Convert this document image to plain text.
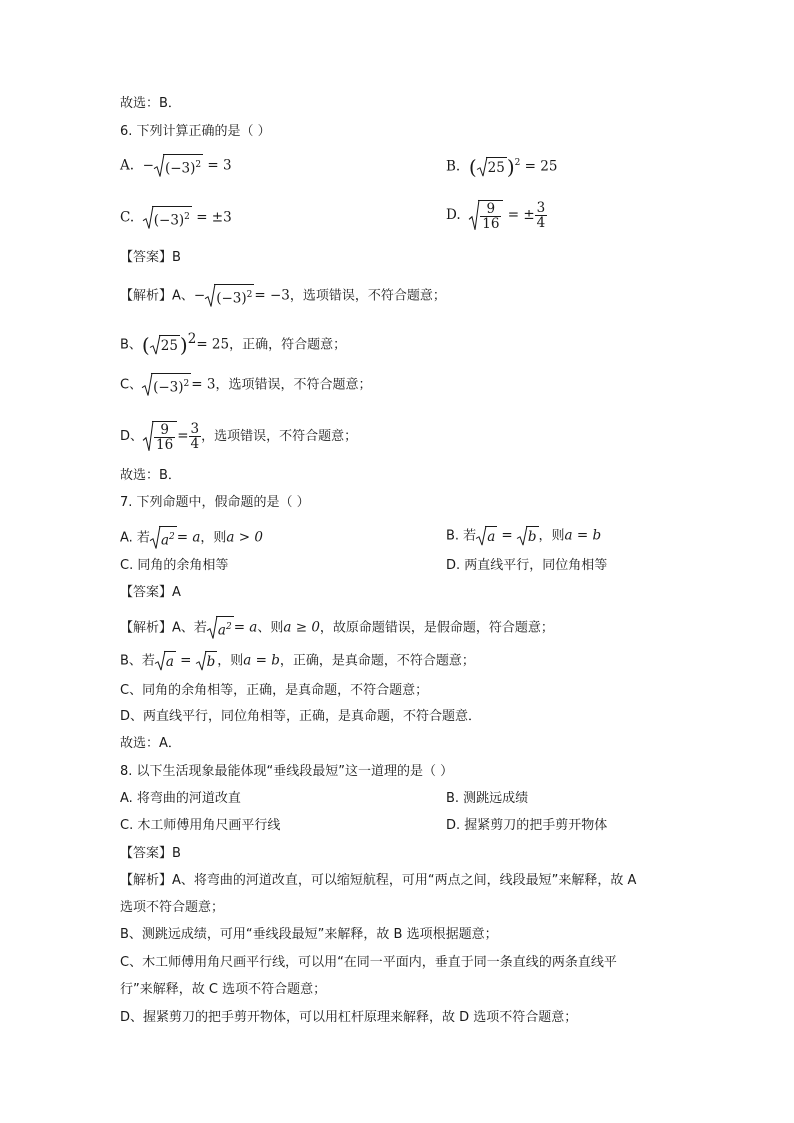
故选：B．
6. 下列计算正确的是（ ）
A. − $(-3)^2 = 3$	B. ( 25 )$^2$ = 25
C. $(-3)^2 = \pm 3$	D. $\frac{9}{16}$ = ± $\frac{3}{4}$
【答案】B
【解析】A、− $(-3)^2 = -3$，选项错误，不符合题意；
B、( 25 )$^2$= 25，正确，符合题意；
C、 $(-3)^2 = 3$，选项错误，不符合题意；
D、 $\frac{9}{16} = \frac{3}{4}$ ，选项错误，不符合题意；
故选：B．
7. 下列命题中，假命题的是（ ）
A. 若 $a^2 = a$，则a > 0	B. 若 a = b ，则a = b
C. 同角的余角相等	D. 两直线平行，同位角相等
【答案】A
【解析】A、若 $a^2 = a$、则a ≥ 0，故原命题错误，是假命题，符合题意；
B、若 a = b ，则a = b，正确，是真命题，不符合题意；
C、同角的余角相等，正确，是真命题，不符合题意；
D、两直线平行，同位角相等，正确，是真命题，不符合题意．
故选：A．
8. 以下生活现象最能体现“垂线段最短”这一道理的是（ ）
A. 将弯曲的河道改直	B. 测跳远成绩
C. 木工师傅用角尺画平行线	D. 握紧剪刀的把手剪开物体
【答案】B
【解析】A、将弯曲的河道改直，可以缩短航程，可用“两点之间，线段最短”来解释，故 A
选项不符合题意；
B、测跳远成绩，可用“垂线段最短”来解释，故 B 选项根据题意；
C、木工师傅用角尺画平行线，可以用“在同一平面内，垂直于同一条直线的两条直线平
行”来解释，故 C 选项不符合题意；
D、握紧剪刀的把手剪开物体，可以用杠杆原理来解释，故 D 选项不符合题意；
